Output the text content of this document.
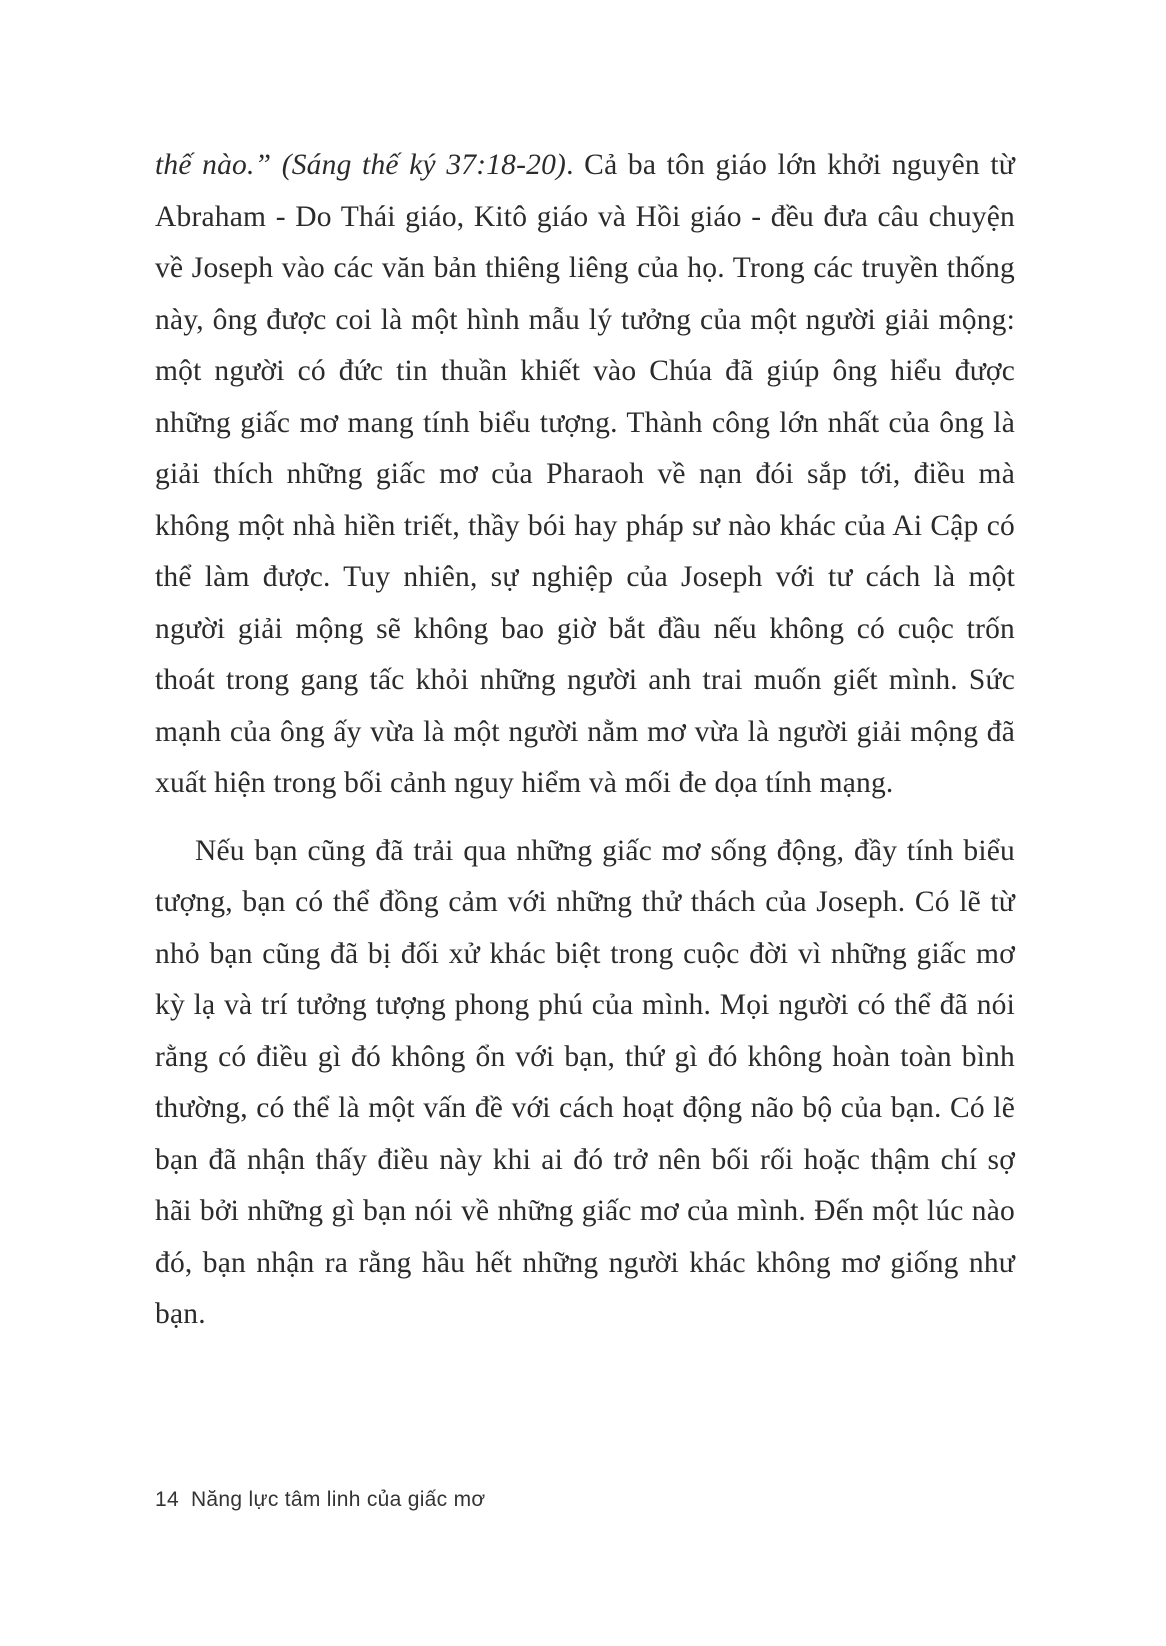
thế nào.” (Sáng thế ký 37:18-20). Cả ba tôn giáo lớn khởi nguyên từ Abraham - Do Thái giáo, Kitô giáo và Hồi giáo - đều đưa câu chuyện về Joseph vào các văn bản thiêng liêng của họ. Trong các truyền thống này, ông được coi là một hình mẫu lý tưởng của một người giải mộng: một người có đức tin thuần khiết vào Chúa đã giúp ông hiểu được những giấc mơ mang tính biểu tượng. Thành công lớn nhất của ông là giải thích những giấc mơ của Pharaoh về nạn đói sắp tới, điều mà không một nhà hiền triết, thầy bói hay pháp sư nào khác của Ai Cập có thể làm được. Tuy nhiên, sự nghiệp của Joseph với tư cách là một người giải mộng sẽ không bao giờ bắt đầu nếu không có cuộc trốn thoát trong gang tấc khỏi những người anh trai muốn giết mình. Sức mạnh của ông ấy vừa là một người nằm mơ vừa là người giải mộng đã xuất hiện trong bối cảnh nguy hiểm và mối đe dọa tính mạng.

Nếu bạn cũng đã trải qua những giấc mơ sống động, đầy tính biểu tượng, bạn có thể đồng cảm với những thử thách của Joseph. Có lẽ từ nhỏ bạn cũng đã bị đối xử khác biệt trong cuộc đời vì những giấc mơ kỳ lạ và trí tưởng tượng phong phú của mình. Mọi người có thể đã nói rằng có điều gì đó không ổn với bạn, thứ gì đó không hoàn toàn bình thường, có thể là một vấn đề với cách hoạt động não bộ của bạn. Có lẽ bạn đã nhận thấy điều này khi ai đó trở nên bối rối hoặc thậm chí sợ hãi bởi những gì bạn nói về những giấc mơ của mình. Đến một lúc nào đó, bạn nhận ra rằng hầu hết những người khác không mơ giống như bạn.

14 Năng lực tâm linh của giấc mơ
